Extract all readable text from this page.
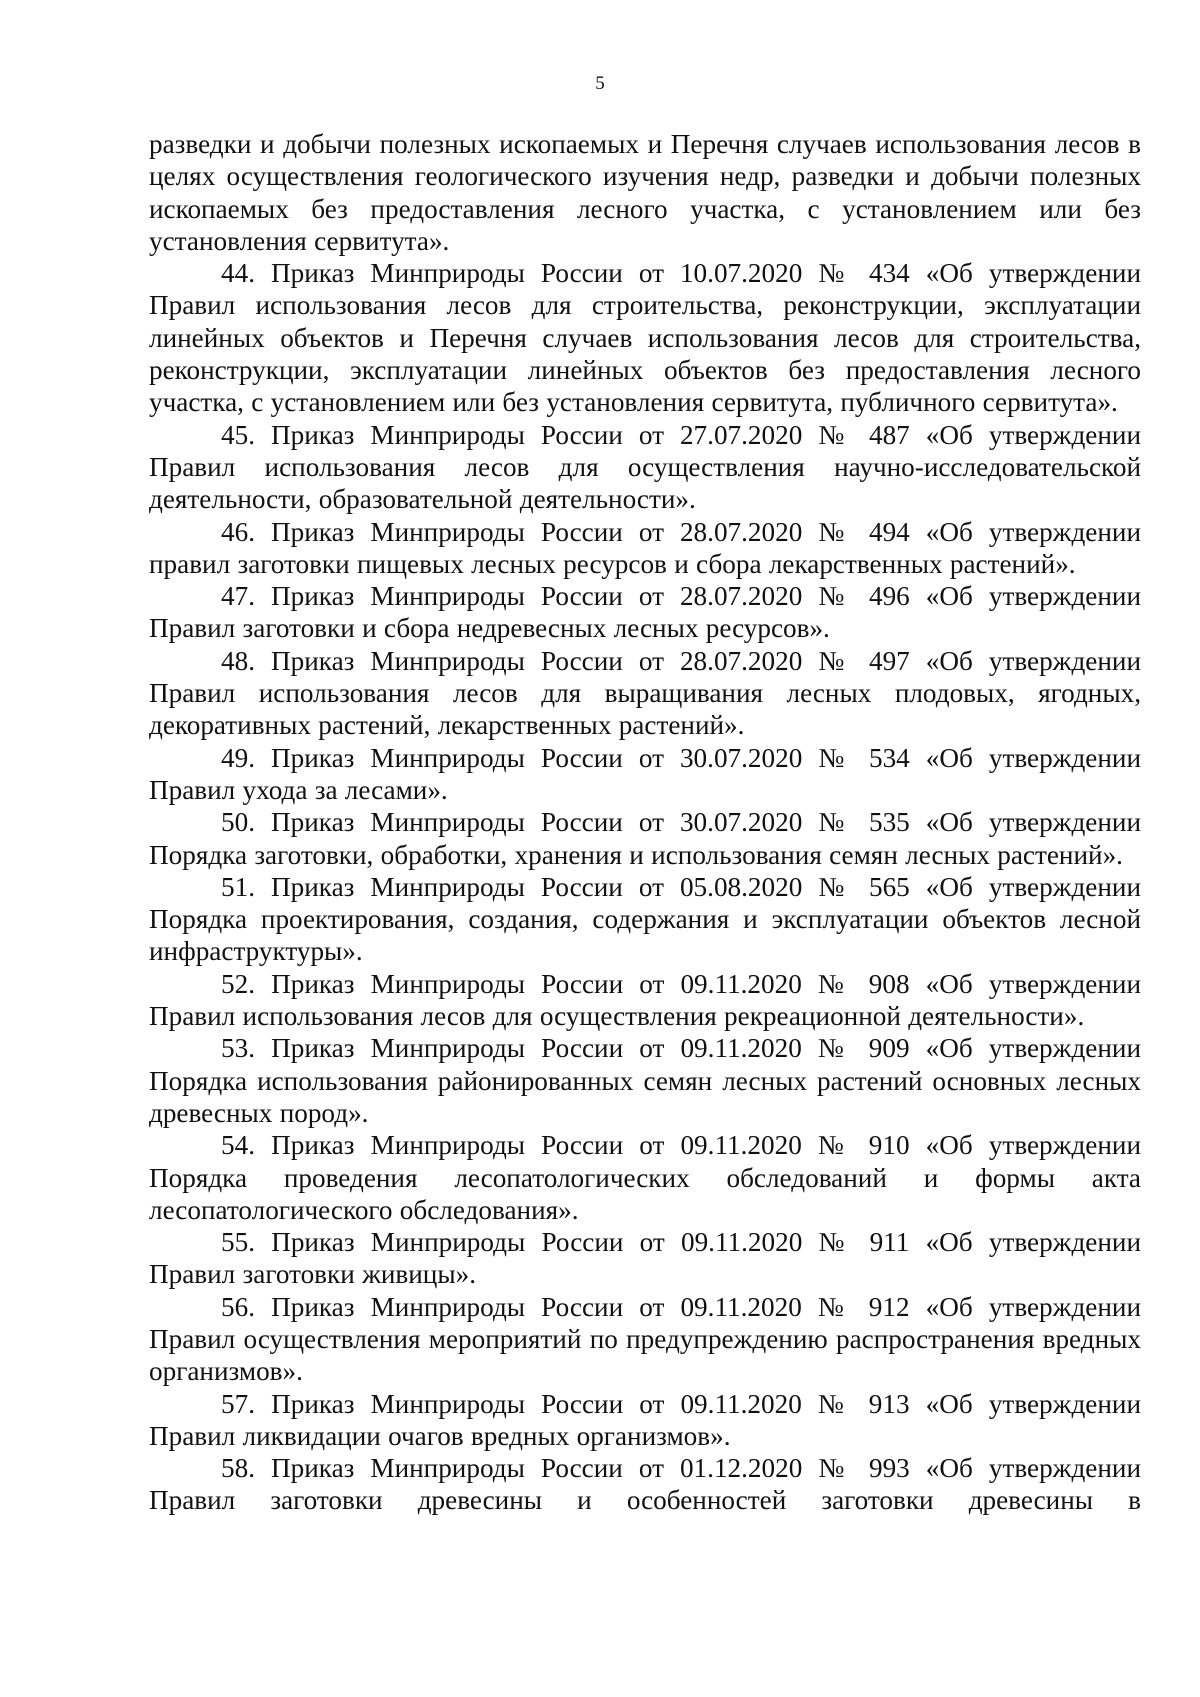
5

разведки и добычи полезных ископаемых и Перечня случаев использования лесов в целях осуществления геологического изучения недр, разведки и добычи полезных ископаемых без предоставления лесного участка, с установлением или без установления сервитута».

44. Приказ Минприроды России от 10.07.2020 № 434 «Об утверждении Правил использования лесов для строительства, реконструкции, эксплуатации линейных объектов и Перечня случаев использования лесов для строительства, реконструкции, эксплуатации линейных объектов без предоставления лесного участка, с установлением или без установления сервитута, публичного сервитута».

45. Приказ Минприроды России от 27.07.2020 № 487 «Об утверждении Правил использования лесов для осуществления научно-исследовательской деятельности, образовательной деятельности».

46. Приказ Минприроды России от 28.07.2020 № 494 «Об утверждении правил заготовки пищевых лесных ресурсов и сбора лекарственных растений».

47. Приказ Минприроды России от 28.07.2020 № 496 «Об утверждении Правил заготовки и сбора недревесных лесных ресурсов».

48. Приказ Минприроды России от 28.07.2020 № 497 «Об утверждении Правил использования лесов для выращивания лесных плодовых, ягодных, декоративных растений, лекарственных растений».

49. Приказ Минприроды России от 30.07.2020 № 534 «Об утверждении Правил ухода за лесами».

50. Приказ Минприроды России от 30.07.2020 № 535 «Об утверждении Порядка заготовки, обработки, хранения и использования семян лесных растений».

51. Приказ Минприроды России от 05.08.2020 № 565 «Об утверждении Порядка проектирования, создания, содержания и эксплуатации объектов лесной инфраструктуры».

52. Приказ Минприроды России от 09.11.2020 № 908 «Об утверждении Правил использования лесов для осуществления рекреационной деятельности».

53. Приказ Минприроды России от 09.11.2020 № 909 «Об утверждении Порядка использования районированных семян лесных растений основных лесных древесных пород».

54. Приказ Минприроды России от 09.11.2020 № 910 «Об утверждении Порядка проведения лесопатологических обследований и формы акта лесопатологического обследования».

55. Приказ Минприроды России от 09.11.2020 № 911 «Об утверждении Правил заготовки живицы».

56. Приказ Минприроды России от 09.11.2020 № 912 «Об утверждении Правил осуществления мероприятий по предупреждению распространения вредных организмов».

57. Приказ Минприроды России от 09.11.2020 № 913 «Об утверждении Правил ликвидации очагов вредных организмов».

58. Приказ Минприроды России от 01.12.2020 № 993 «Об утверждении Правил заготовки древесины и особенностей заготовки древесины в
